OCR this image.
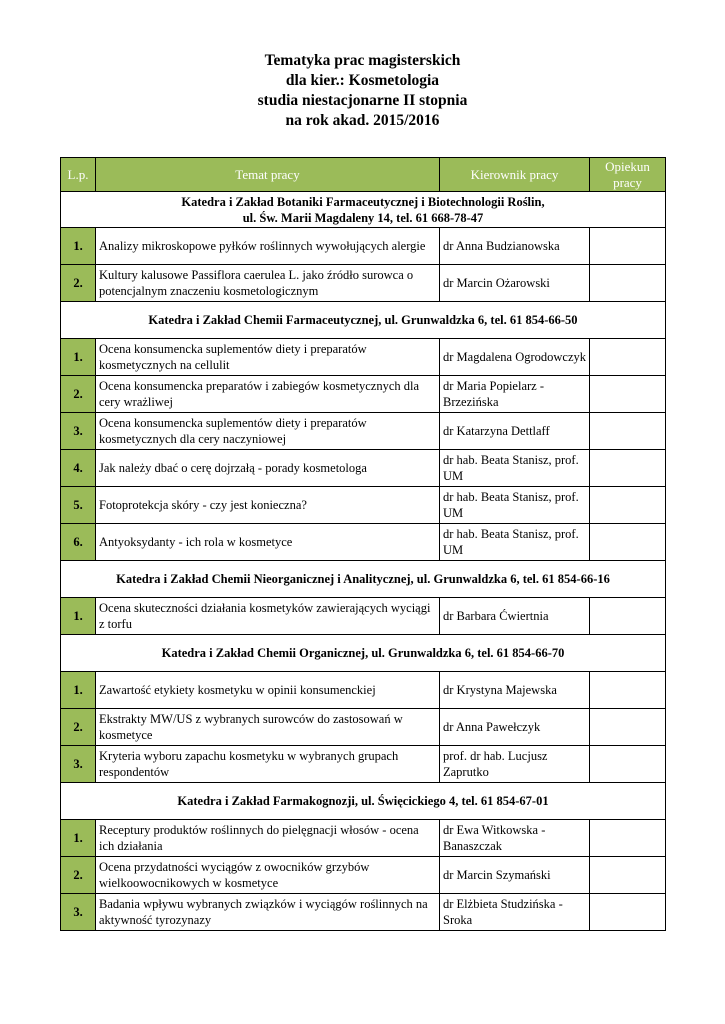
Tematyka prac magisterskich
dla kier.: Kosmetologia
studia niestacjonarne II stopnia
na rok akad. 2015/2016
L.p.	Temat pracy	Kierownik pracy	Opiekun pracy

Katedra i Zakład Botaniki Farmaceutycznej i Biotechnologii Roślin,
ul. Św. Marii Magdaleny 14, tel. 61 668-78-47			

1.	Analizy mikroskopowe pyłków roślinnych wywołujących alergie	dr Anna Budzianowska	
2.	Kultury kalusowe Passiflora caerulea L. jako źródło surowca o potencjalnym znaczeniu kosmetologicznym	dr Marcin Ożarowski	

Katedra i Zakład Chemii Farmaceutycznej, ul. Grunwaldzka 6, tel. 61 854-66-50			

1.	Ocena konsumencka suplementów diety i preparatów kosmetycznych na cellulit	dr Magdalena Ogrodowczyk	
2.	Ocena konsumencka preparatów i zabiegów kosmetycznych dla cery wrażliwej	dr Maria Popielarz - Brzezińska	
3.	Ocena konsumencka suplementów diety i preparatów kosmetycznych dla cery naczyniowej	dr Katarzyna Dettlaff	
4.	Jak należy dbać o cerę dojrzałą - porady kosmetologa	dr hab. Beata Stanisz, prof. UM	
5.	Fotoprotekcja skóry - czy jest konieczna?	dr hab. Beata Stanisz, prof. UM	
6.	Antyoksydanty - ich rola w kosmetyce	dr hab. Beata Stanisz, prof. UM	

Katedra i Zakład Chemii Nieorganicznej i Analitycznej, ul. Grunwaldzka 6, tel. 61 854-66-16			

1.	Ocena skuteczności działania kosmetyków zawierających wyciągi z torfu	dr Barbara Ćwiertnia	

Katedra i Zakład Chemii Organicznej, ul. Grunwaldzka 6, tel. 61 854-66-70			

1.	Zawartość etykiety kosmetyku w opinii konsumenckiej	dr Krystyna Majewska	
2.	Ekstrakty MW/US z wybranych surowców do zastosowań w kosmetyce	dr Anna Pawełczyk	
3.	Kryteria wyboru zapachu kosmetyku w wybranych grupach respondentów	prof. dr hab. Lucjusz Zaprutko	

Katedra i Zakład Farmakognozji, ul. Święcickiego 4, tel. 61 854-67-01			

1.	Receptury produktów roślinnych do pielęgnacji włosów - ocena ich działania	dr Ewa Witkowska - Banaszczak	
2.	Ocena przydatności wyciągów z owocników grzybów wielkoowocnikowych w kosmetyce	dr Marcin Szymański	
3.	Badania wpływu wybranych związków i wyciągów roślinnych na aktywność tyrozynazy	dr Elżbieta Studzińska - Sroka	
